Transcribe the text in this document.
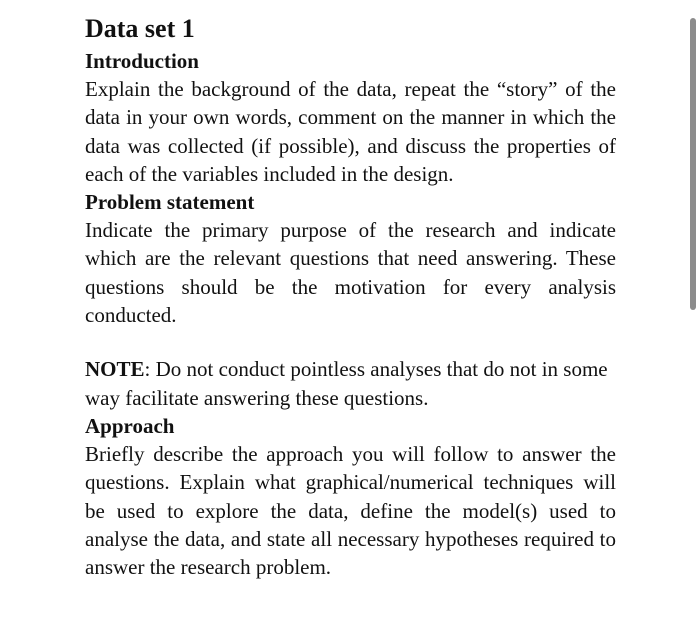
Data set 1
Introduction

Explain the background of the data, repeat the “story” of the data in your own words, comment on the manner in which the data was collected (if possible), and discuss the properties of each of the variables included in the design.

Problem statement

Indicate the primary purpose of the research and indicate which are the relevant questions that need answering. These questions should be the motivation for every analysis conducted.

NOTE: Do not conduct pointless analyses that do not in some way facilitate answering these questions.

Approach

Briefly describe the approach you will follow to answer the questions. Explain what graphical/numerical techniques will be used to explore the data, define the model(s) used to analyse the data, and state all necessary hypotheses required to answer the research problem.
